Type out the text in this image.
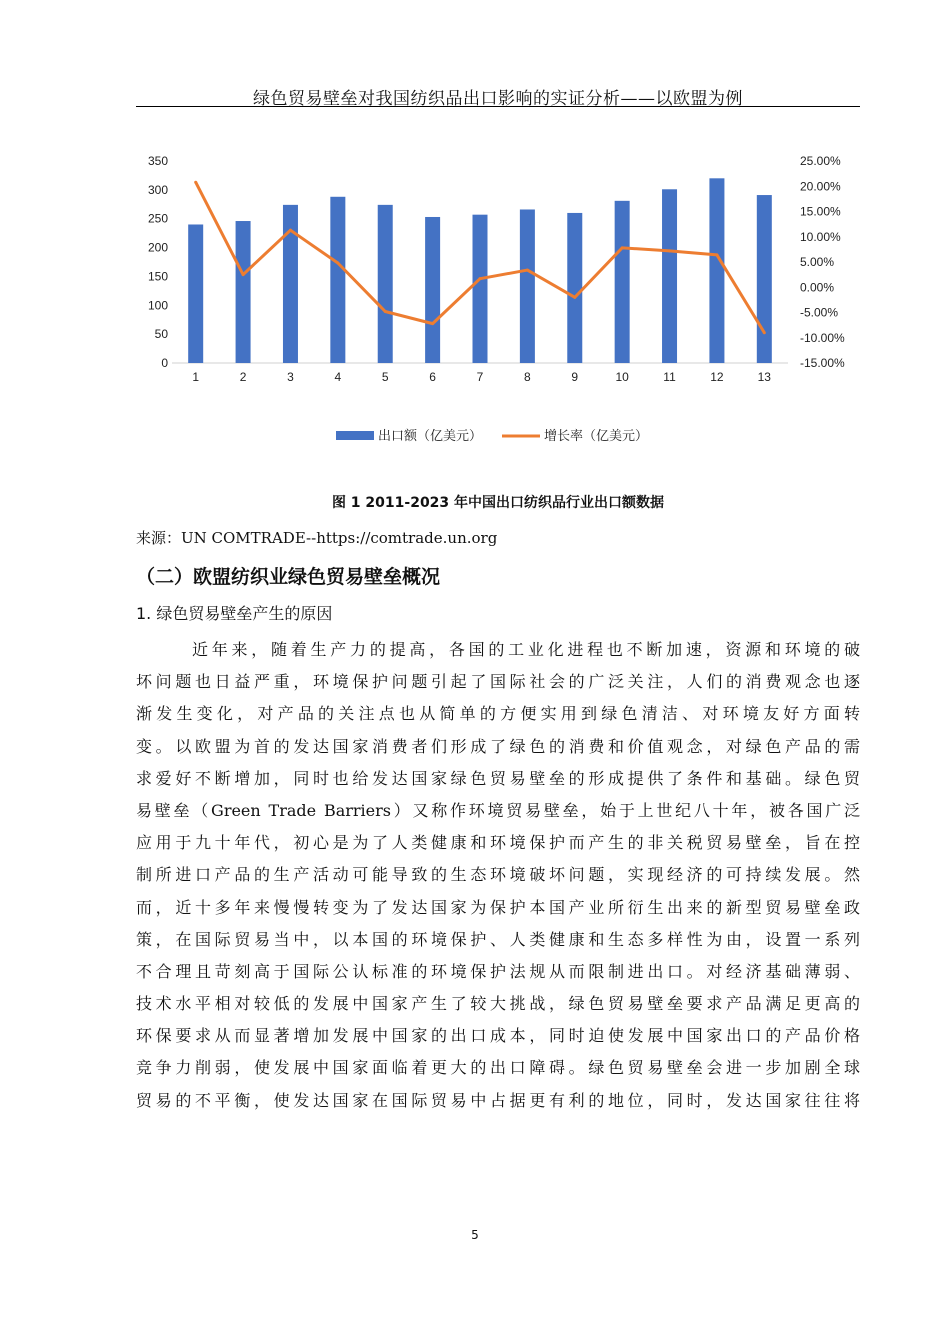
绿色贸易壁垒对我国纺织品出口影响的实证分析——以欧盟为例
0
50
100
150
200
250
300
350
-15.00%
-10.00%
-5.00%
0.00%
5.00%
10.00%
15.00%
20.00%
25.00%
1	2	3	4	5	6	7	8	9	10	11	12	13
出口额（亿美元）	增长率（亿美元）
图 1 2011-2023 年中国出口纺织品行业出口额数据
来源：UN COMTRADE--https://comtrade.un.org
（二）欧盟纺织业绿色贸易壁垒概况
1. 绿色贸易壁垒产生的原因
近年来，随着生产力的提高，各国的工业化进程也不断加速，资源和环境的破
坏问题也日益严重，环境保护问题引起了国际社会的广泛关注，人们的消费观念也逐
渐发生变化，对产品的关注点也从简单的方便实用到绿色清洁、对环境友好方面转
变。以欧盟为首的发达国家消费者们形成了绿色的消费和价值观念，对绿色产品的需
求爱好不断增加，同时也给发达国家绿色贸易壁垒的形成提供了条件和基础。绿色贸
易壁垒（Green Trade Barriers）又称作环境贸易壁垒，始于上世纪八十年，被各国广泛
应用于九十年代，初心是为了人类健康和环境保护而产生的非关税贸易壁垒，旨在控
制所进口产品的生产活动可能导致的生态环境破坏问题，实现经济的可持续发展。然
而，近十多年来慢慢转变为了发达国家为保护本国产业所衍生出来的新型贸易壁垒政
策，在国际贸易当中，以本国的环境保护、人类健康和生态多样性为由，设置一系列
不合理且苛刻高于国际公认标准的环境保护法规从而限制进出口。对经济基础薄弱、
技术水平相对较低的发展中国家产生了较大挑战，绿色贸易壁垒要求产品满足更高的
环保要求从而显著增加发展中国家的出口成本，同时迫使发展中国家出口的产品价格
竞争力削弱，使发展中国家面临着更大的出口障碍。绿色贸易壁垒会进一步加剧全球
贸易的不平衡，使发达国家在国际贸易中占据更有利的地位，同时，发达国家往往将
5
